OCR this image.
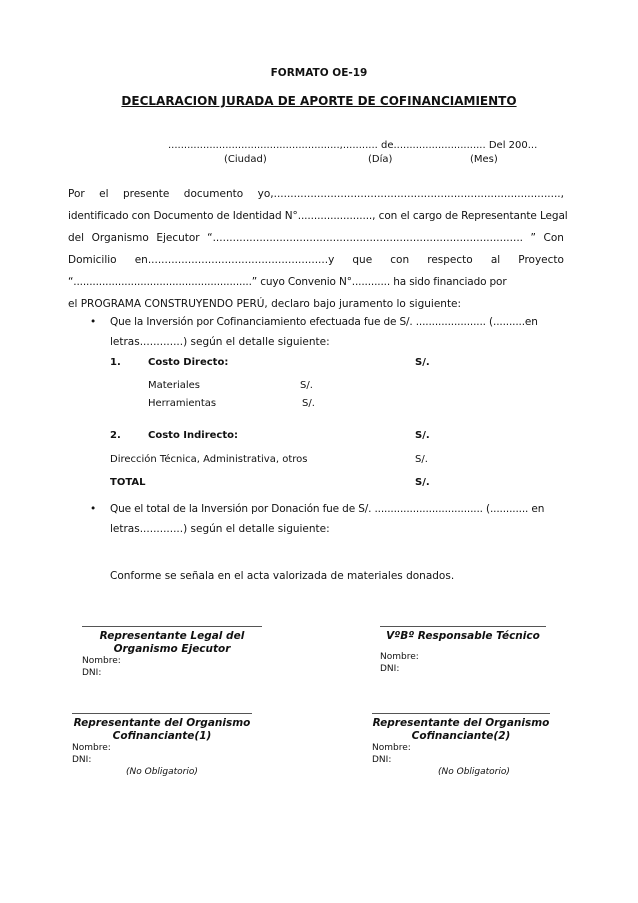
FORMATO OE-19
DECLARACION JURADA DE APORTE DE COFINANCIAMIENTO
......................................................,........... de............................. Del 200...
(Ciudad)	(Día)	(Mes)
Por el presente documento yo,......................................................................................,
identificado con Documento de Identidad N°......................., con el cargo de Representante Legal
del Organismo Ejecutor “............................................................................................. ” Con
Domicilio en......................................................y que con respecto al Proyecto
“........................................................” cuyo Convenio N°............ ha sido financiado por
el PROGRAMA CONSTRUYENDO PERÚ, declaro bajo juramento lo siguiente:
• Que la Inversión por Cofinanciamiento efectuada fue de S/. ...................... (..........en
letras.............) según el detalle siguiente:
1.	Costo Directo:	S/.
Materiales	S/.
Herramientas	S/.
2.	Costo Indirecto:	S/.
Dirección Técnica, Administrativa, otros	S/.
TOTAL	S/.
• Que el total de la Inversión por Donación fue de S/. .................................. (............ en
letras.............) según el detalle siguiente:
Conforme se señala en el acta valorizada de materiales donados.
Representante Legal del
Organismo Ejecutor
Nombre:
DNI:
VºBº Responsable Técnico
Nombre:
DNI:
Representante del Organismo
Cofinanciante(1)
Nombre:
DNI:
(No Obligatorio)
Representante del Organismo
Cofinanciante(2)
Nombre:
DNI:
(No Obligatorio)
